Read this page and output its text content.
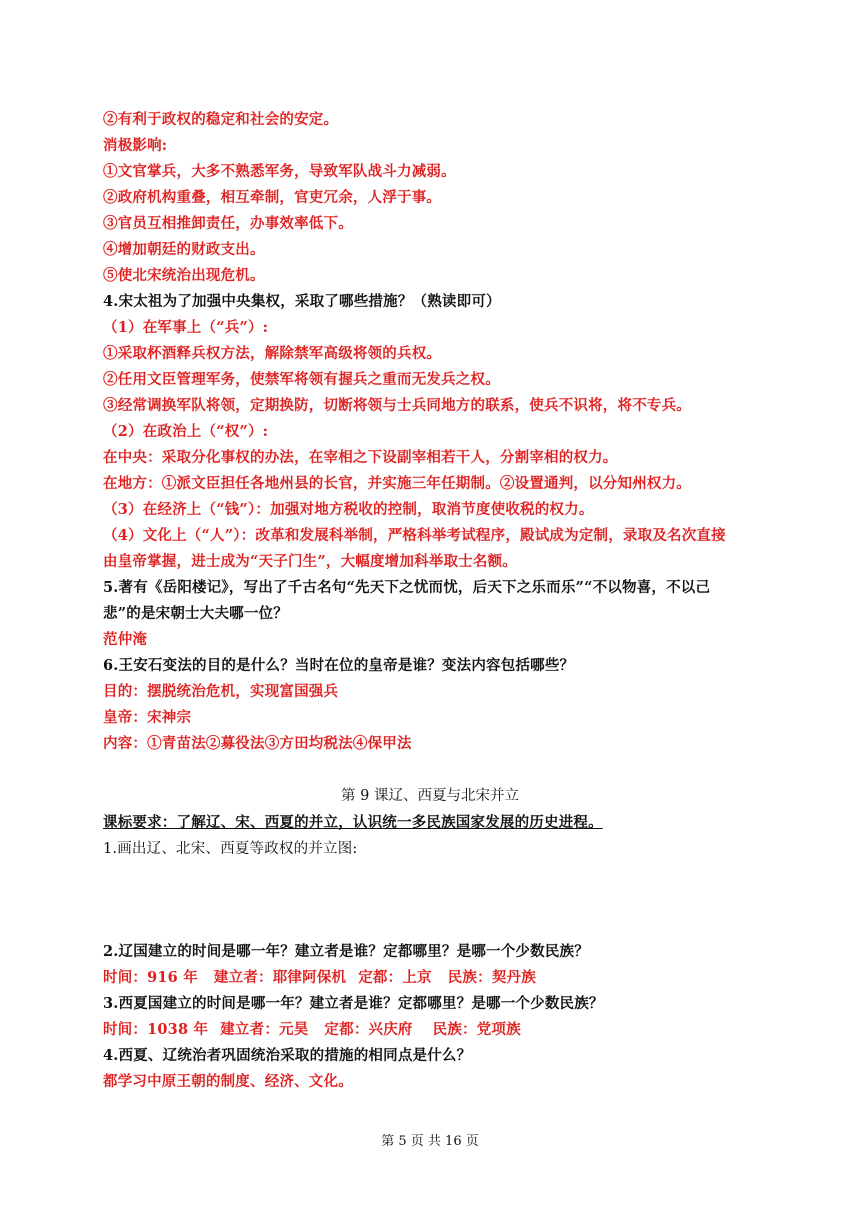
②有利于政权的稳定和社会的安定。
消极影响:
①文官掌兵，大多不熟悉军务，导致军队战斗力减弱。
②政府机构重叠，相互牵制，官吏冗余，人浮于事。
③官员互相推卸责任，办事效率低下。
④增加朝廷的财政支出。
⑤使北宋统治出现危机。
4.宋太祖为了加强中央集权，采取了哪些措施？（熟读即可）
（1）在军事上（“兵”）:
①采取杯酒释兵权方法，解除禁军高级将领的兵权。
②任用文臣管理军务，使禁军将领有握兵之重而无发兵之权。
③经常调换军队将领，定期换防，切断将领与士兵同地方的联系，使兵不识将，将不专兵。
（2）在政治上（“权”）:
在中央：采取分化事权的办法，在宰相之下设副宰相若干人，分割宰相的权力。
在地方：①派文臣担任各地州县的长官，并实施三年任期制。②设置通判，以分知州权力。
（3）在经济上（“钱”）：加强对地方税收的控制，取消节度使收税的权力。
（4）文化上（“人”）：改革和发展科举制，严格科举考试程序，殿试成为定制，录取及名次直接
由皇帝掌握，进士成为“天子门生”，大幅度增加科举取士名额。
5.著有《岳阳楼记》，写出了千古名句“先天下之忧而忧，后天下之乐而乐”“不以物喜，不以己
悲”的是宋朝士大夫哪一位？
范仲淹
6.王安石变法的目的是什么？当时在位的皇帝是谁？变法内容包括哪些？
目的：摆脱统治危机，实现富国强兵
皇帝：宋神宗
内容：①青苗法②募役法③方田均税法④保甲法
第 9 课辽、西夏与北宋并立
课标要求：了解辽、宋、西夏的并立，认识统一多民族国家发展的历史进程。
1.画出辽、北宋、西夏等政权的并立图:
2.辽国建立的时间是哪一年？建立者是谁？定都哪里？是哪一个少数民族？
时间：916 年 建立者：耶律阿保机 定都：上京 民族：契丹族
3.西夏国建立的时间是哪一年？建立者是谁？定都哪里？是哪一个少数民族？
时间：1038 年 建立者：元昊 定都：兴庆府 民族：党项族
4.西夏、辽统治者巩固统治采取的措施的相同点是什么？
都学习中原王朝的制度、经济、文化。
第 5 页 共 16 页
